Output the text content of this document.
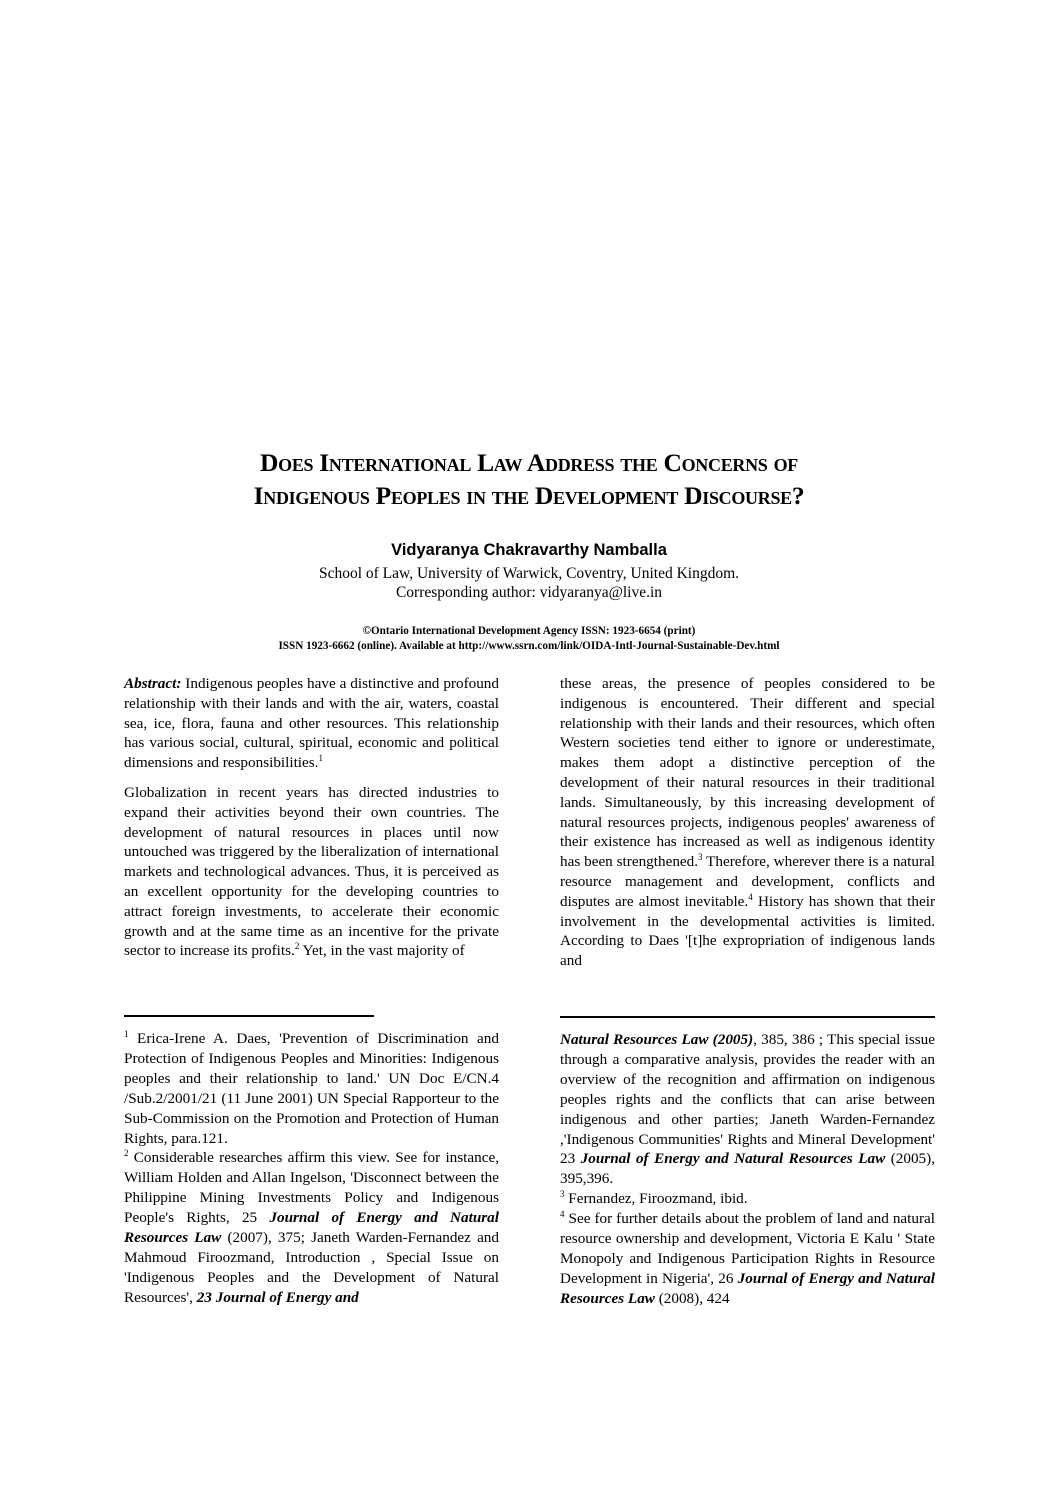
Does International Law Address the Concerns of
Indigenous Peoples in the Development Discourse?
Vidyaranya Chakravarthy Namballa
School of Law, University of Warwick, Coventry, United Kingdom.
Corresponding author: vidyaranya@live.in
©Ontario International Development Agency ISSN: 1923-6654 (print)
ISSN 1923-6662 (online). Available at http://www.ssrn.com/link/OIDA-Intl-Journal-Sustainable-Dev.html

Abstract: Indigenous peoples have a distinctive and profound relationship with their lands and with the air, waters, coastal sea, ice, flora, fauna and other resources. This relationship has various social, cultural, spiritual, economic and political dimensions and responsibilities.$^1$

Globalization in recent years has directed industries to expand their activities beyond their own countries. The development of natural resources in places until now untouched was triggered by the liberalization of international markets and technological advances. Thus, it is perceived as an excellent opportunity for the developing countries to attract foreign investments, to accelerate their economic growth and at the same time as an incentive for the private sector to increase its profits.$^2$ Yet, in the vast majority of

these areas, the presence of peoples considered to be indigenous is encountered. Their different and special relationship with their lands and their resources, which often Western societies tend either to ignore or underestimate, makes them adopt a distinctive perception of the development of their natural resources in their traditional lands. Simultaneously, by this increasing development of natural resources projects, indigenous peoples' awareness of their existence has increased as well as indigenous identity has been strengthened.$^3$ Therefore, wherever there is a natural resource management and development, conflicts and disputes are almost inevitable.$^4$ History has shown that their involvement in the developmental activities is limited. According to Daes '[t]he expropriation of indigenous lands and

$^1$ Erica-Irene A. Daes, 'Prevention of Discrimination and Protection of Indigenous Peoples and Minorities: Indigenous peoples and their relationship to land.' UN Doc E/CN.4 /Sub.2/2001/21 (11 June 2001) UN Special Rapporteur to the Sub-Commission on the Promotion and Protection of Human Rights, para.121.

$^2$ Considerable researches affirm this view. See for instance, William Holden and Allan Ingelson, 'Disconnect between the Philippine Mining Investments Policy and Indigenous People's Rights, 25 Journal of Energy and Natural Resources Law (2007), 375; Janeth Warden-Fernandez and Mahmoud Firoozmand, Introduction , Special Issue on 'Indigenous Peoples and the Development of Natural Resources', 23 Journal of Energy and

Natural Resources Law (2005), 385, 386 ; This special issue through a comparative analysis, provides the reader with an overview of the recognition and affirmation on indigenous peoples rights and the conflicts that can arise between indigenous and other parties; Janeth Warden-Fernandez ,'Indigenous Communities' Rights and Mineral Development' 23 Journal of Energy and Natural Resources Law (2005), 395,396.

$^3$ Fernandez, Firoozmand, ibid.

$^4$ See for further details about the problem of land and natural resource ownership and development, Victoria E Kalu ' State Monopoly and Indigenous Participation Rights in Resource Development in Nigeria', 26 Journal of Energy and Natural Resources Law (2008), 424
